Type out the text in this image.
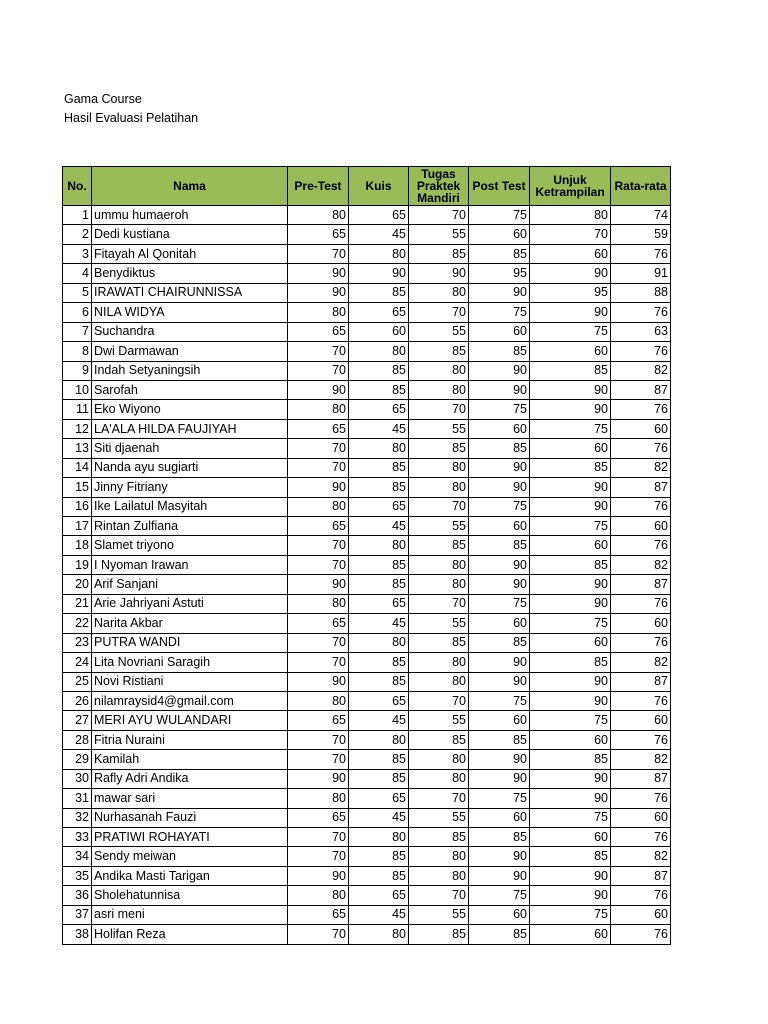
Gama Course
Hasil Evaluasi Pelatihan
No.	Nama	Pre-Test	Kuis	Tugas Praktek Mandiri	Post Test	Unjuk Ketrampilan	Rata-rata
1	ummu humaeroh	80	65	70	75	80	74
2	Dedi kustiana	65	45	55	60	70	59
3	Fitayah Al Qonitah	70	80	85	85	60	76
4	Benydiktus	90	90	90	95	90	91
5	IRAWATI CHAIRUNNISSA	90	85	80	90	95	88
6	NILA WIDYA	80	65	70	75	90	76
7	Suchandra	65	60	55	60	75	63
8	Dwi Darmawan	70	80	85	85	60	76
9	Indah Setyaningsih	70	85	80	90	85	82
10	Sarofah	90	85	80	90	90	87
11	Eko Wiyono	80	65	70	75	90	76
12	LA'ALA HILDA FAUJIYAH	65	45	55	60	75	60
13	Siti djaenah	70	80	85	85	60	76
14	Nanda ayu sugiarti	70	85	80	90	85	82
15	Jinny Fitriany	90	85	80	90	90	87
16	Ike Lailatul Masyitah	80	65	70	75	90	76
17	Rintan Zulfiana	65	45	55	60	75	60
18	Slamet triyono	70	80	85	85	60	76
19	I Nyoman Irawan	70	85	80	90	85	82
20	Arif Sanjani	90	85	80	90	90	87
21	Arie Jahriyani Astuti	80	65	70	75	90	76
22	Narita Akbar	65	45	55	60	75	60
23	PUTRA WANDI	70	80	85	85	60	76
24	Lita Novriani Saragih	70	85	80	90	85	82
25	Novi Ristiani	90	85	80	90	90	87
26	nilamraysid4@gmail.com	80	65	70	75	90	76
27	MERI AYU WULANDARI	65	45	55	60	75	60
28	Fitria Nuraini	70	80	85	85	60	76
29	Kamilah	70	85	80	90	85	82
30	Rafly Adri Andika	90	85	80	90	90	87
31	mawar sari	80	65	70	75	90	76
32	Nurhasanah Fauzi	65	45	55	60	75	60
33	PRATIWI ROHAYATI	70	80	85	85	60	76
34	Sendy meiwan	70	85	80	90	85	82
35	Andika Masti Tarigan	90	85	80	90	90	87
36	Sholehatunnisa	80	65	70	75	90	76
37	asri meni	65	45	55	60	75	60
38	Holifan Reza	70	80	85	85	60	76
